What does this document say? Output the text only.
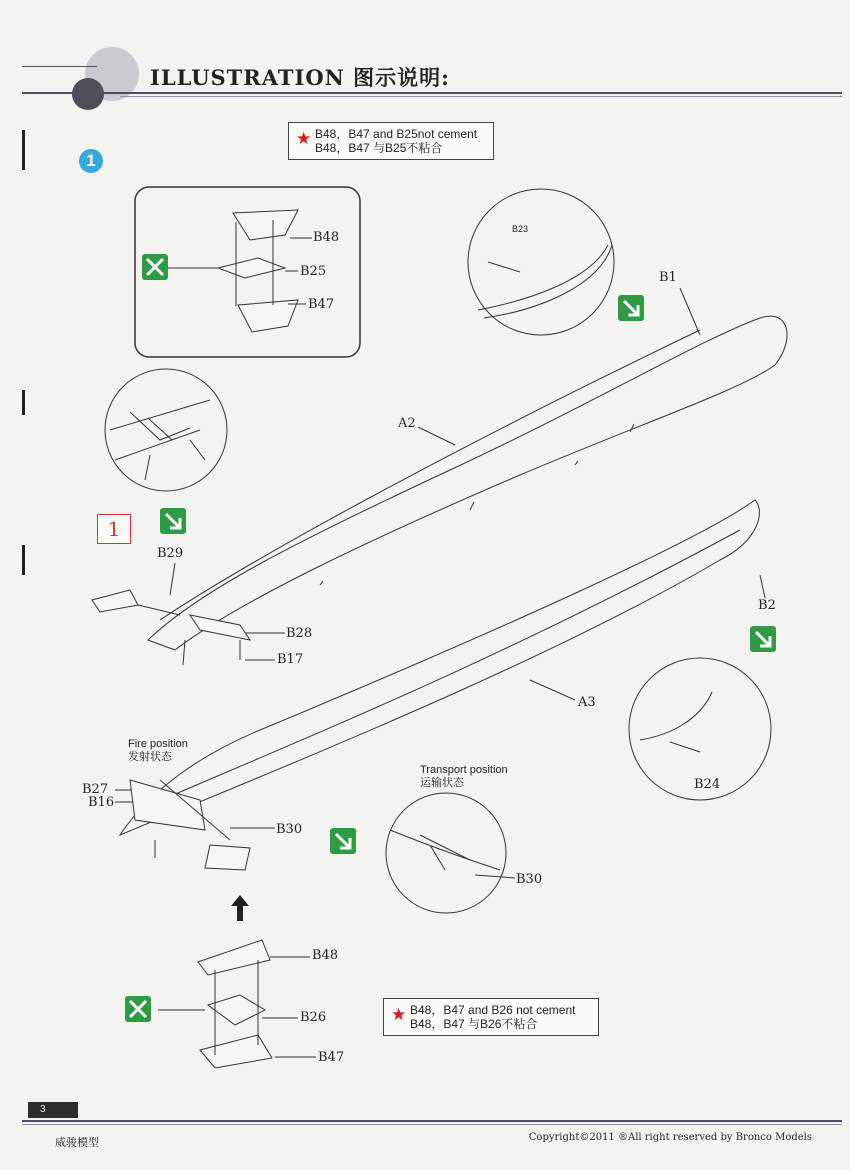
ILLUSTRATION 图示说明:
1
★ B48，B47 and B25not cement
B48，B47 与B25不粘合
1
B48
B25
B47
B23
B1
A2
B29
B28
B17
B2
A3
B24
B27
B16
B30
B30
B48
B26
B47
Fire position
发射状态
Transport position
运输状态
★ B48，B47 and B26 not cement
B48，B47 与B26不粘合
3
威骏模型	Copyright©2011 ®All right reserved by Bronco Models
